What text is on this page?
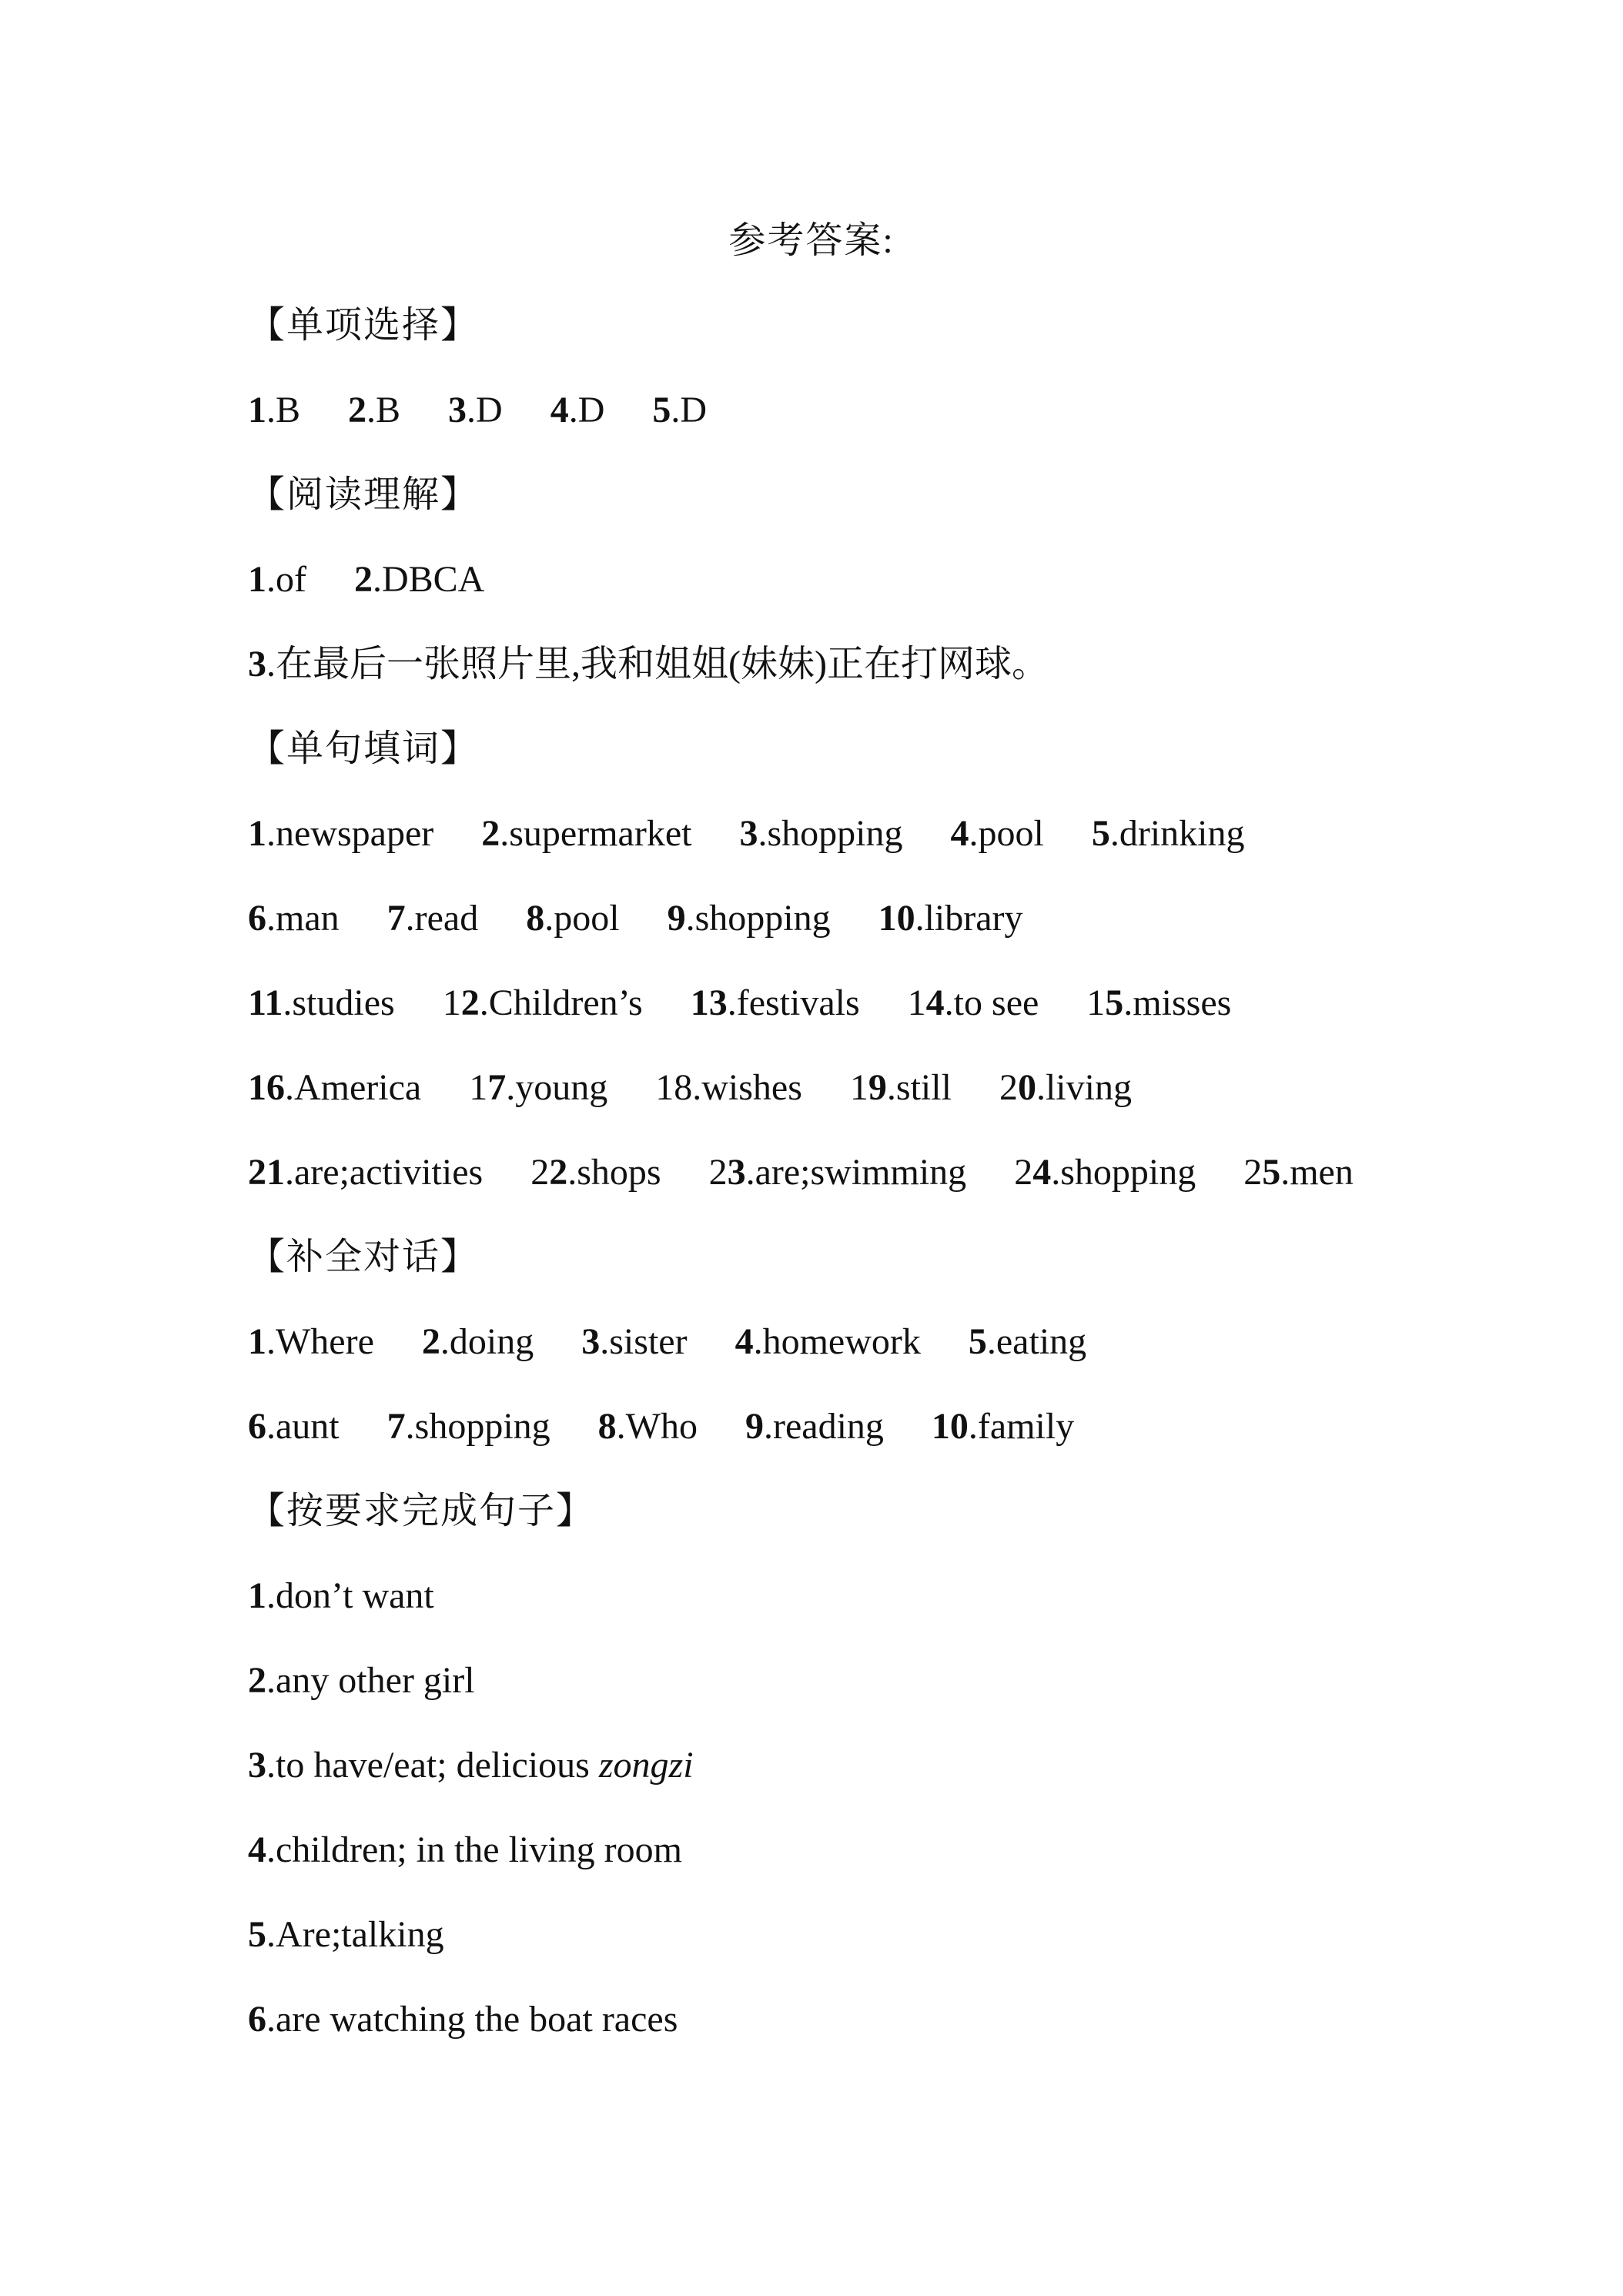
参考答案:
【单项选择】
1.B 2.B 3.D 4.D 5.D
【阅读理解】
1.of 2.DBCA
3.在最后一张照片里,我和姐姐(妹妹)正在打网球。
【单句填词】
1.newspaper 2.supermarket 3.shopping 4.pool 5.drinking
6.man 7.read 8.pool 9.shopping 10.library
11.studies 12.Children’s 13.festivals 14.to see 15.misses
16.America 17.young 18.wishes 19.still 20.living
21.are;activities 22.shops 23.are;swimming 24.shopping 25.men
【补全对话】
1.Where 2.doing 3.sister 4.homework 5.eating
6.aunt 7.shopping 8.Who 9.reading 10.family
【按要求完成句子】
1.don’t want
2.any other girl
3.to have/eat; delicious zongzi
4.children; in the living room
5.Are;talking
6.are watching the boat races
